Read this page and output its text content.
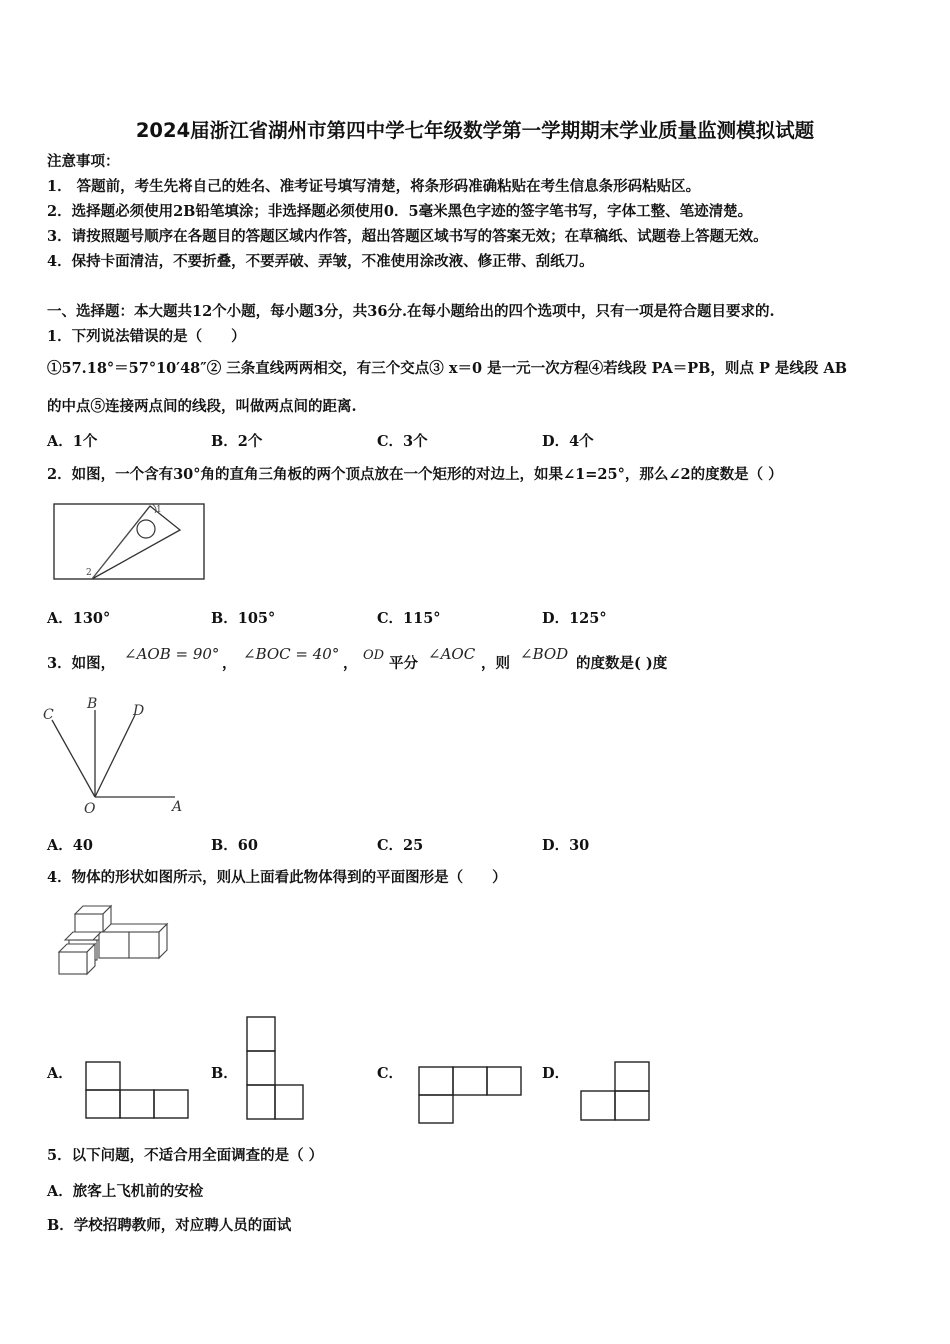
2024届浙江省湖州市第四中学七年级数学第一学期期末学业质量监测模拟试题
注意事项：
1． 答题前，考生先将自己的姓名、准考证号填写清楚，将条形码准确粘贴在考生信息条形码粘贴区。
2．选择题必须使用2B铅笔填涂；非选择题必须使用0．5毫米黑色字迹的签字笔书写，字体工整、笔迹清楚。
3．请按照题号顺序在各题目的答题区域内作答，超出答题区域书写的答案无效；在草稿纸、试题卷上答题无效。
4．保持卡面清洁，不要折叠，不要弄破、弄皱，不准使用涂改液、修正带、刮纸刀。
一、选择题：本大题共12个小题，每小题3分，共36分.在每小题给出的四个选项中，只有一项是符合题目要求的.
1．下列说法错误的是（　　）
①57.18°＝57°10′48″② 三条直线两两相交，有三个交点③ x＝0 是一元一次方程④若线段 PA＝PB，则点 P 是线段 AB
的中点⑤连接两点间的线段，叫做两点间的距离.
A．1个	B．2个	C．3个	D．4个
2．如图，一个含有30°角的直角三角板的两个顶点放在一个矩形的对边上，如果∠1=25°，那么∠2的度数是（ ）
1
2
A．130°	B．105°	C．115°	D．125°
3．如图，
∠AOB = 90°
，
∠BOC = 40°
， OD 平分
∠AOC
，则
∠BOD
的度数是( )度
C
B	D
O	A
A．40	B．60	C．25	D．30
4．物体的形状如图所示，则从上面看此物体得到的平面图形是（　　）
A．	B．	C．	D．
5．以下问题，不适合用全面调查的是（ ）
A．旅客上飞机前的安检
B．学校招聘教师，对应聘人员的面试
